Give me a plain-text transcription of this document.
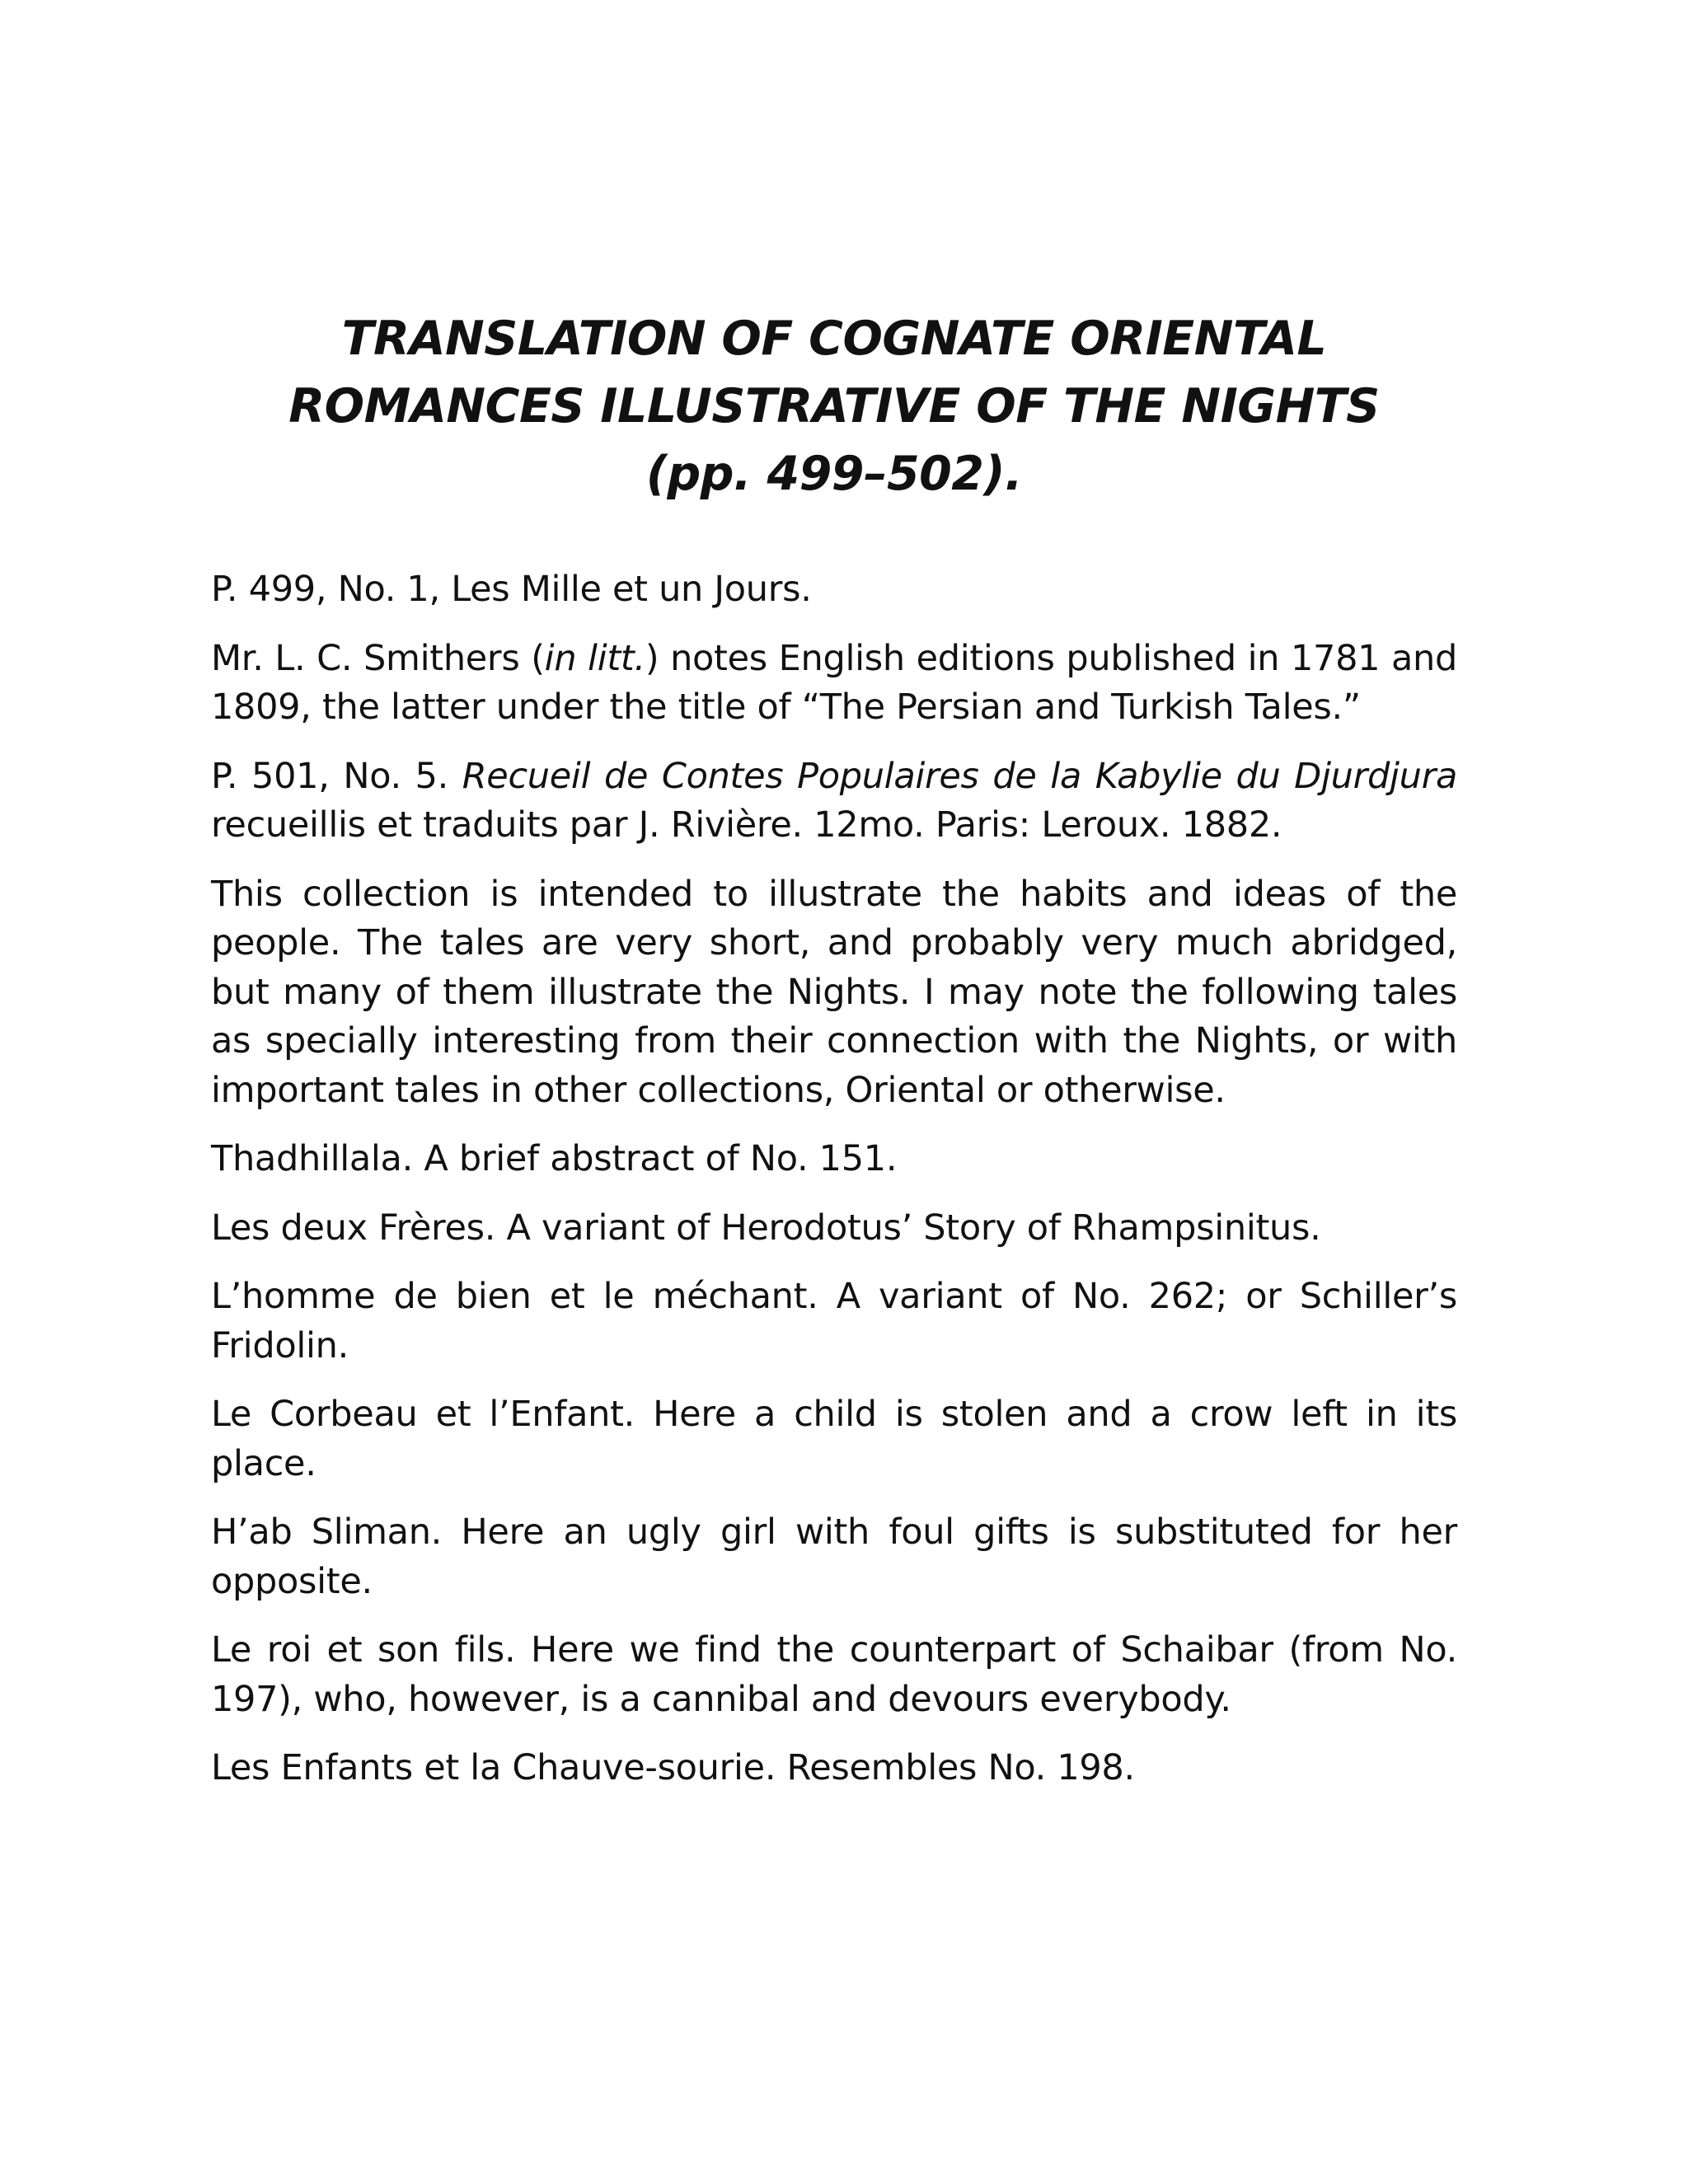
TRANSLATION OF COGNATE ORIENTAL
ROMANCES ILLUSTRATIVE OF THE NIGHTS
(pp. 499–502).

P. 499, No. 1, Les Mille et un Jours.

Mr. L. C. Smithers (in litt.) notes English editions published in 1781 and 1809, the latter under the title of “The Persian and Turkish Tales.”

P. 501, No. 5. Recueil de Contes Populaires de la Kabylie du Djurdjura recueillis et traduits par J. Rivière. 12mo. Paris: Leroux. 1882.

This collection is intended to illustrate the habits and ideas of the people. The tales are very short, and probably very much abridged, but many of them illustrate the Nights. I may note the following tales as specially interesting from their connection with the Nights, or with important tales in other collections, Oriental or otherwise.

Thadhillala. A brief abstract of No. 151.

Les deux Frères. A variant of Herodotus’ Story of Rhampsinitus.

L’homme de bien et le méchant. A variant of No. 262; or Schiller’s Fridolin.

Le Corbeau et l’Enfant. Here a child is stolen and a crow left in its place.

H’ab Sliman. Here an ugly girl with foul gifts is substituted for her opposite.

Le roi et son fils. Here we find the counterpart of Schaibar (from No. 197), who, however, is a cannibal and devours everybody.

Les Enfants et la Chauve-sourie. Resembles No. 198.
